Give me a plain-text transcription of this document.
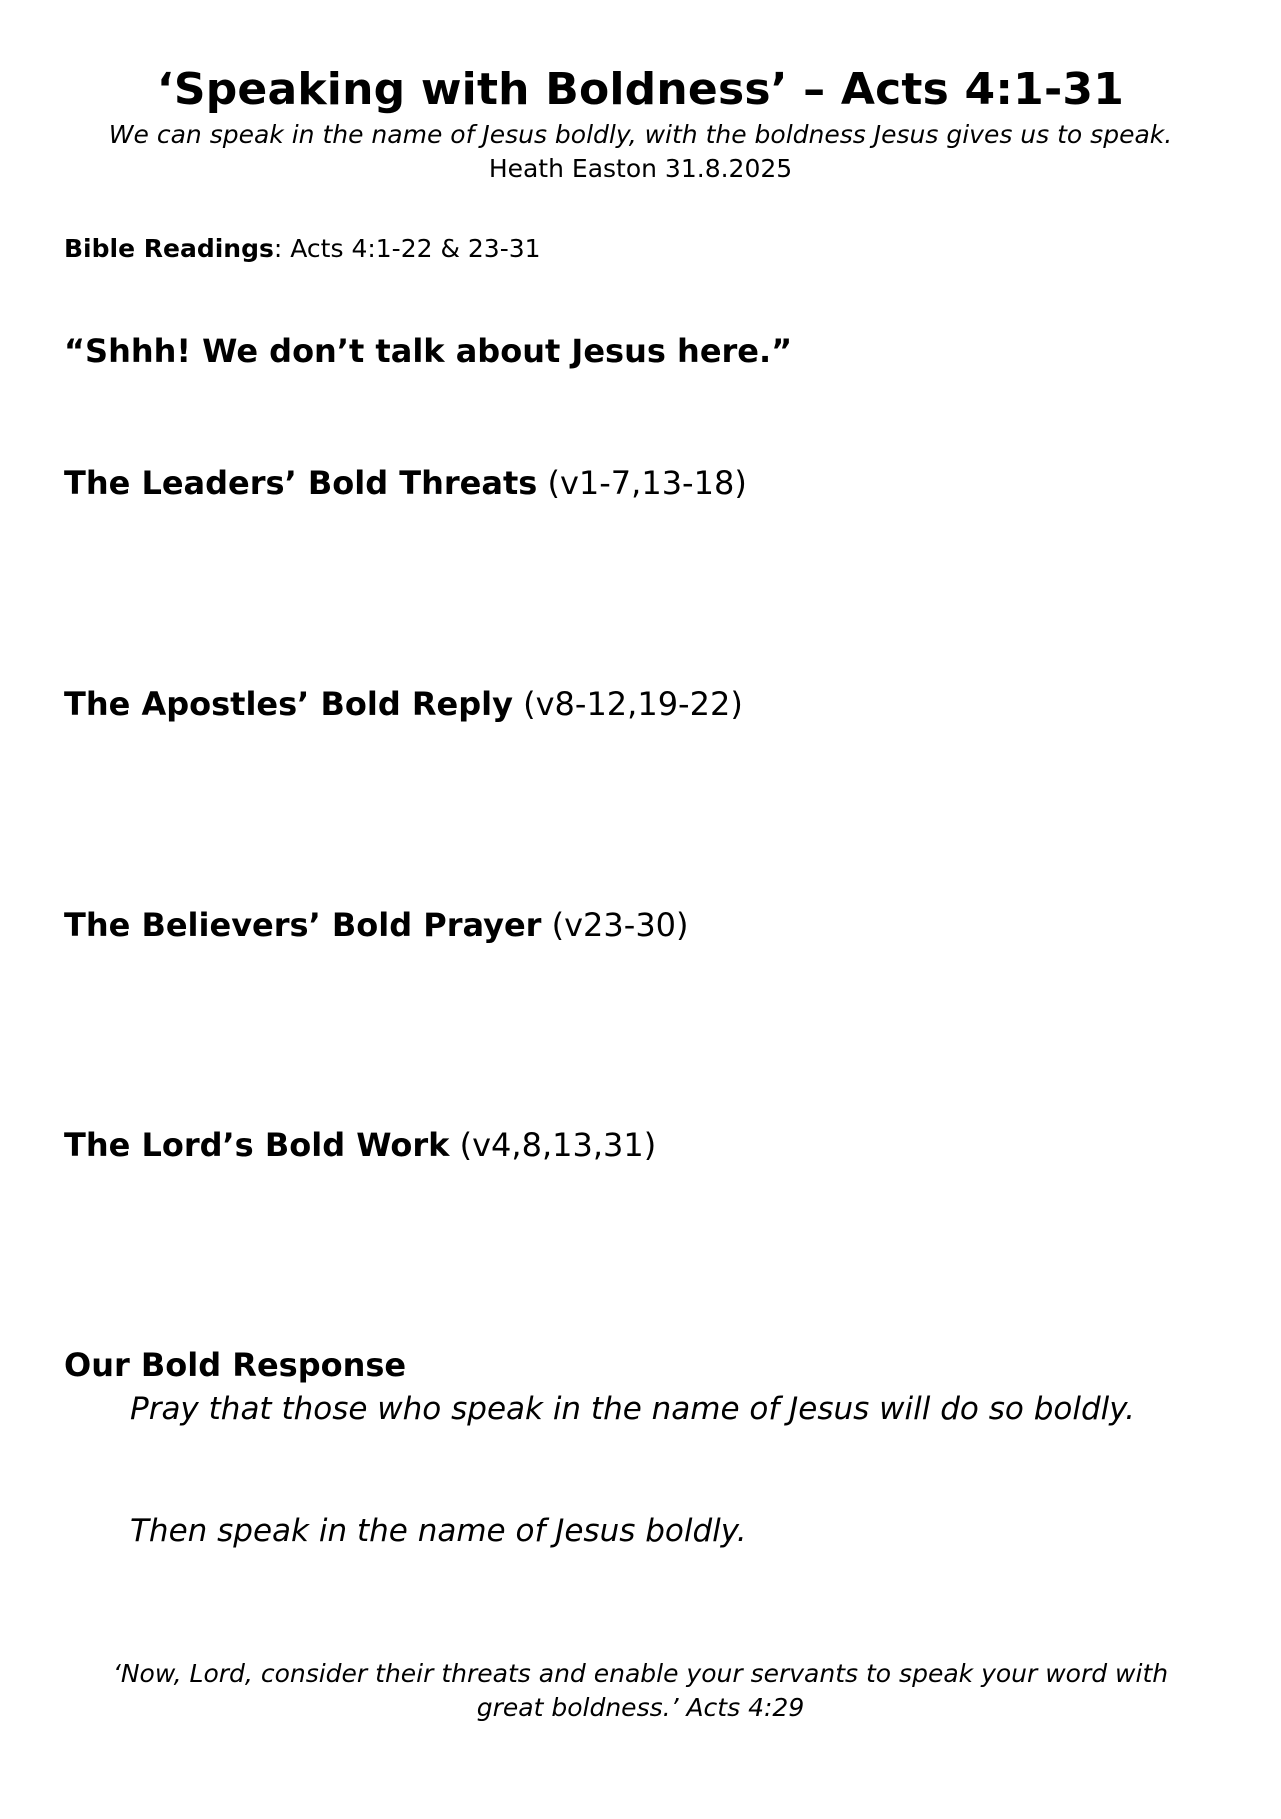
‘Speaking with Boldness’ – Acts 4:1-31

We can speak in the name of Jesus boldly, with the boldness Jesus gives us to speak.

Heath Easton 31.8.2025

Bible Readings: Acts 4:1-22 & 23-31
“Shhh! We don’t talk about Jesus here.”
The Leaders’ Bold Threats (v1-7,13-18)
The Apostles’ Bold Reply (v8-12,19-22)
The Believers’ Bold Prayer (v23-30)
The Lord’s Bold Work (v4,8,13,31)
Our Bold Response
Pray that those who speak in the name of Jesus will do so boldly.
Then speak in the name of Jesus boldly.

‘Now, Lord, consider their threats and enable your servants to speak your word with

great boldness.’ Acts 4:29
